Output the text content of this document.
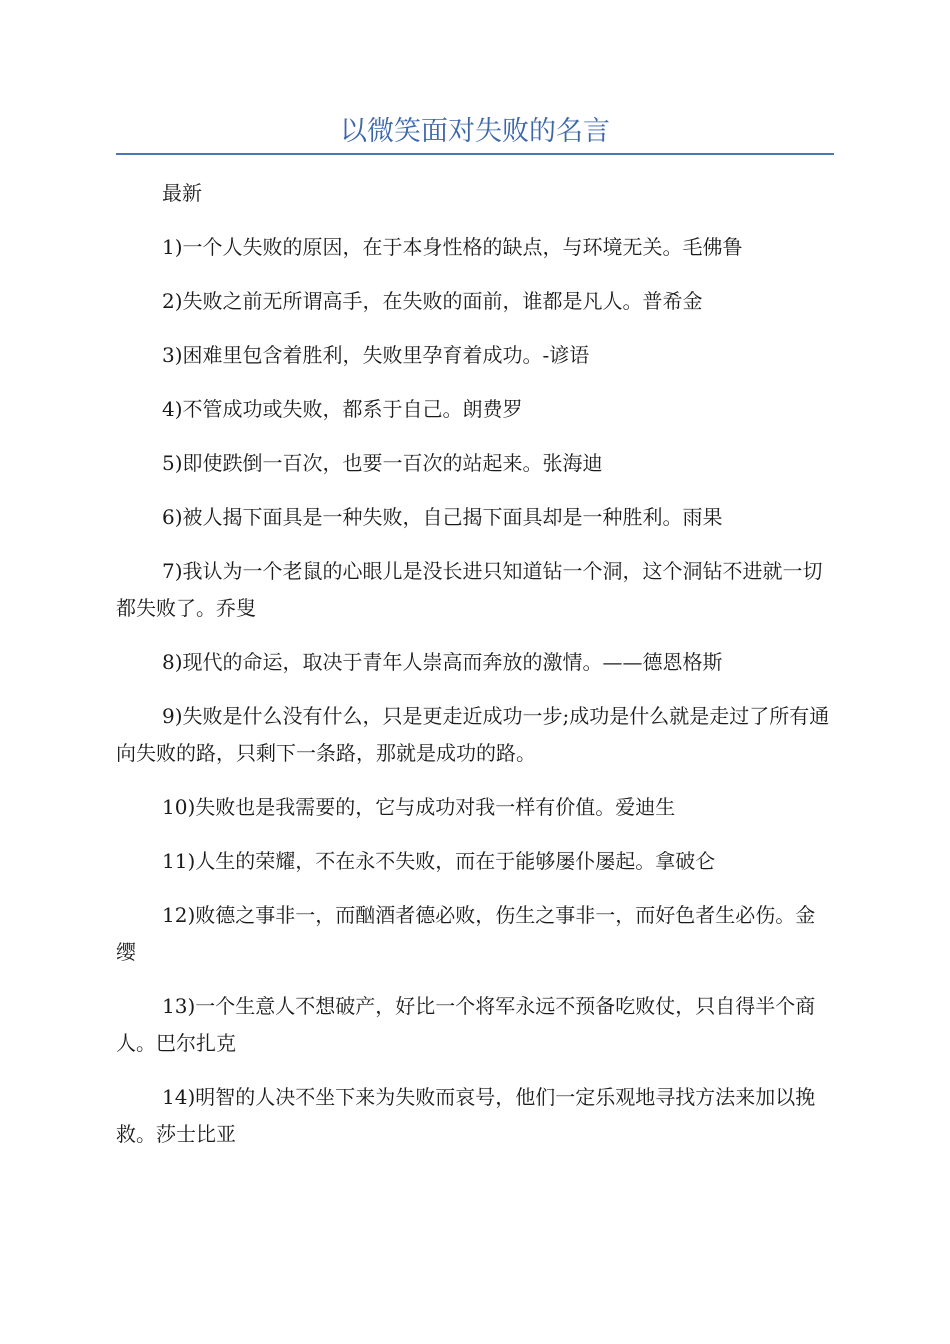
以微笑面对失败的名言

最新

1)一个人失败的原因，在于本身性格的缺点，与环境无关。毛佛鲁

2)失败之前无所谓高手，在失败的面前，谁都是凡人。普希金

3)困难里包含着胜利，失败里孕育着成功。-谚语

4)不管成功或失败，都系于自己。朗费罗

5)即使跌倒一百次，也要一百次的站起来。张海迪

6)被人揭下面具是一种失败，自己揭下面具却是一种胜利。雨果

7)我认为一个老鼠的心眼儿是没长进只知道钻一个洞，这个洞钻不进就一切都失败了。乔叟

8)现代的命运，取决于青年人崇高而奔放的激情。——德恩格斯

9)失败是什么没有什么，只是更走近成功一步;成功是什么就是走过了所有通向失败的路，只剩下一条路，那就是成功的路。

10)失败也是我需要的，它与成功对我一样有价值。爱迪生

11)人生的荣耀，不在永不失败，而在于能够屡仆屡起。拿破仑

12)败德之事非一，而酗酒者德必败，伤生之事非一，而好色者生必伤。金缨

13)一个生意人不想破产，好比一个将军永远不预备吃败仗，只自得半个商人。巴尔扎克

14)明智的人决不坐下来为失败而哀号，他们一定乐观地寻找方法来加以挽救。莎士比亚
